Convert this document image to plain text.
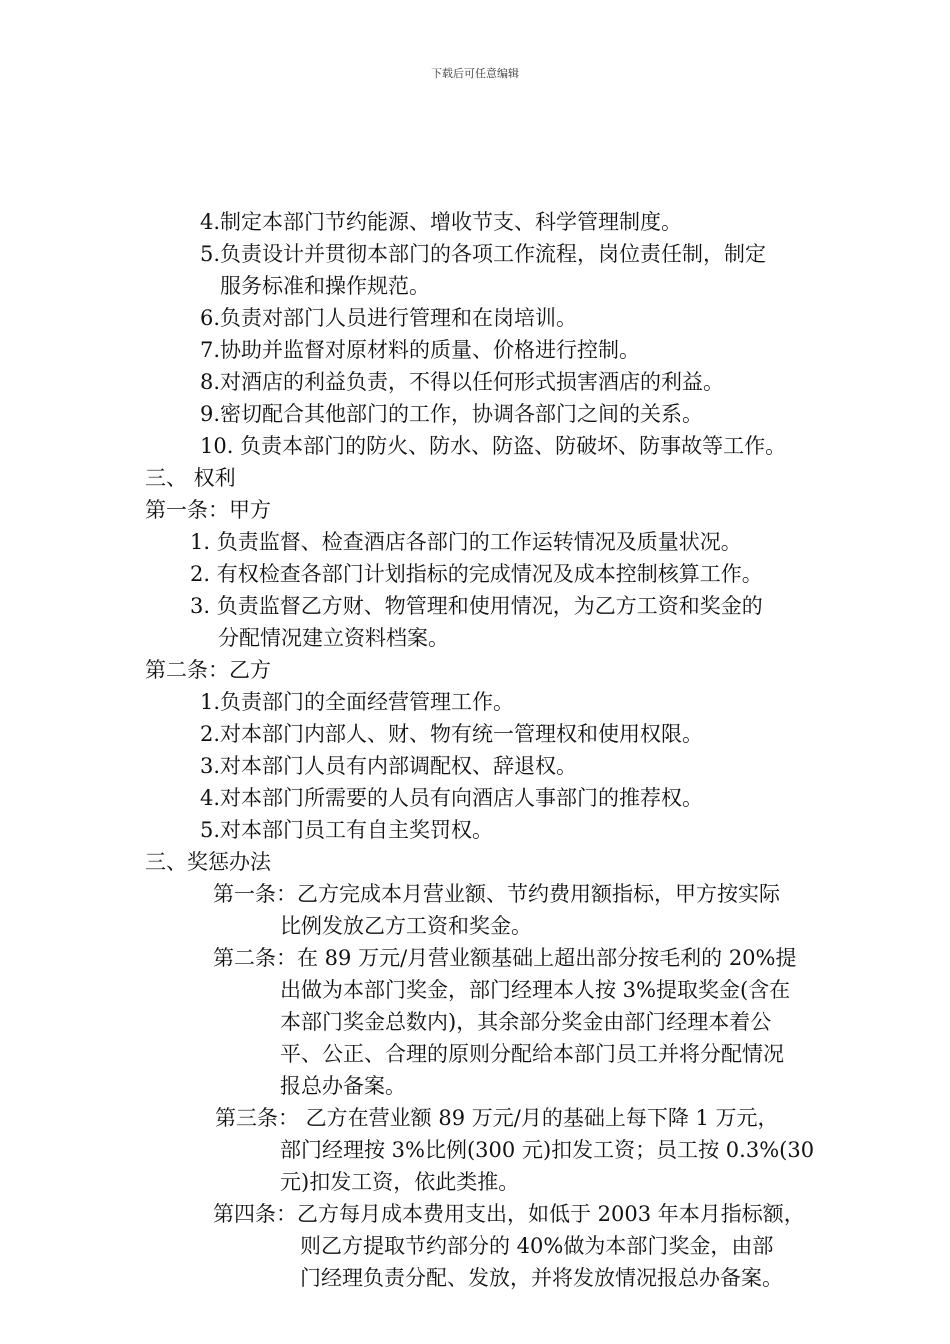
下载后可任意编辑
4.制定本部门节约能源、增收节支、科学管理制度。
5.负责设计并贯彻本部门的各项工作流程，岗位责任制，制定
服务标准和操作规范。
6.负责对部门人员进行管理和在岗培训。
7.协助并监督对原材料的质量、价格进行控制。
8.对酒店的利益负责，不得以任何形式损害酒店的利益。
9.密切配合其他部门的工作，协调各部门之间的关系。
10. 负责本部门的防火、防水、防盗、防破坏、防事故等工作。
三、 权利
第一条：甲方
1. 负责监督、检查酒店各部门的工作运转情况及质量状况。
2. 有权检查各部门计划指标的完成情况及成本控制核算工作。
3. 负责监督乙方财、物管理和使用情况，为乙方工资和奖金的
分配情况建立资料档案。
第二条：乙方
1.负责部门的全面经营管理工作。
2.对本部门内部人、财、物有统一管理权和使用权限。
3.对本部门人员有内部调配权、辞退权。
4.对本部门所需要的人员有向酒店人事部门的推荐权。
5.对本部门员工有自主奖罚权。
三、奖惩办法
第一条：乙方完成本月营业额、节约费用额指标，甲方按实际
比例发放乙方工资和奖金。
第二条：在 89 万元/月营业额基础上超出部分按毛利的 20%提
出做为本部门奖金，部门经理本人按 3%提取奖金(含在
本部门奖金总数内)，其余部分奖金由部门经理本着公
平、公正、合理的原则分配给本部门员工并将分配情况
报总办备案。
第三条： 乙方在营业额 89 万元/月的基础上每下降 1 万元，
部门经理按 3%比例(300 元)扣发工资；员工按 0.3%(30
元)扣发工资，依此类推。
第四条：乙方每月成本费用支出，如低于 2003 年本月指标额，
则乙方提取节约部分的 40%做为本部门奖金，由部
门经理负责分配、发放，并将发放情况报总办备案。
